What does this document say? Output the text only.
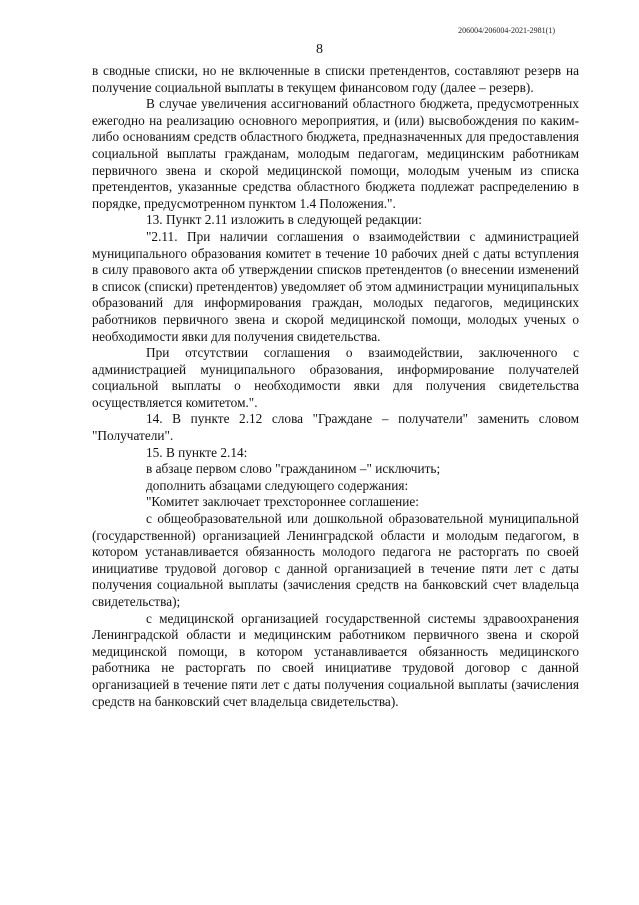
206004/206004-2021-2981(1)
8

в сводные списки, но не включенные в списки претендентов, составляют резерв на получение социальной выплаты в текущем финансовом году (далее – резерв).

В случае увеличения ассигнований областного бюджета, предусмотренных ежегодно на реализацию основного мероприятия, и (или) высвобождения по каким-либо основаниям средств областного бюджета, предназначенных для предоставления социальной выплаты гражданам, молодым педагогам, медицинским работникам первичного звена и скорой медицинской помощи, молодым ученым из списка претендентов, указанные средства областного бюджета подлежат распределению в порядке, предусмотренном пунктом 1.4 Положения.".

13. Пункт 2.11 изложить в следующей редакции:

"2.11. При наличии соглашения о взаимодействии с администрацией муниципального образования комитет в течение 10 рабочих дней с даты вступления в силу правового акта об утверждении списков претендентов (о внесении изменений в список (списки) претендентов) уведомляет об этом администрации муниципальных образований для информирования граждан, молодых педагогов, медицинских работников первичного звена и скорой медицинской помощи, молодых ученых о необходимости явки для получения свидетельства.

При отсутствии соглашения о взаимодействии, заключенного с администрацией муниципального образования, информирование получателей социальной выплаты о необходимости явки для получения свидетельства осуществляется комитетом.".

14. В пункте 2.12 слова "Граждане – получатели" заменить словом "Получатели".

15. В пункте 2.14:

в абзаце первом слово "гражданином –" исключить;

дополнить абзацами следующего содержания:

"Комитет заключает трехстороннее соглашение:

с общеобразовательной или дошкольной образовательной муниципальной (государственной) организацией Ленинградской области и молодым педагогом, в котором устанавливается обязанность молодого педагога не расторгать по своей инициативе трудовой договор с данной организацией в течение пяти лет с даты получения социальной выплаты (зачисления средств на банковский счет владельца свидетельства);

с медицинской организацией государственной системы здравоохранения Ленинградской области и медицинским работником первичного звена и скорой медицинской помощи, в котором устанавливается обязанность медицинского работника не расторгать по своей инициативе трудовой договор с данной организацией в течение пяти лет с даты получения социальной выплаты (зачисления средств на банковский счет владельца свидетельства).
